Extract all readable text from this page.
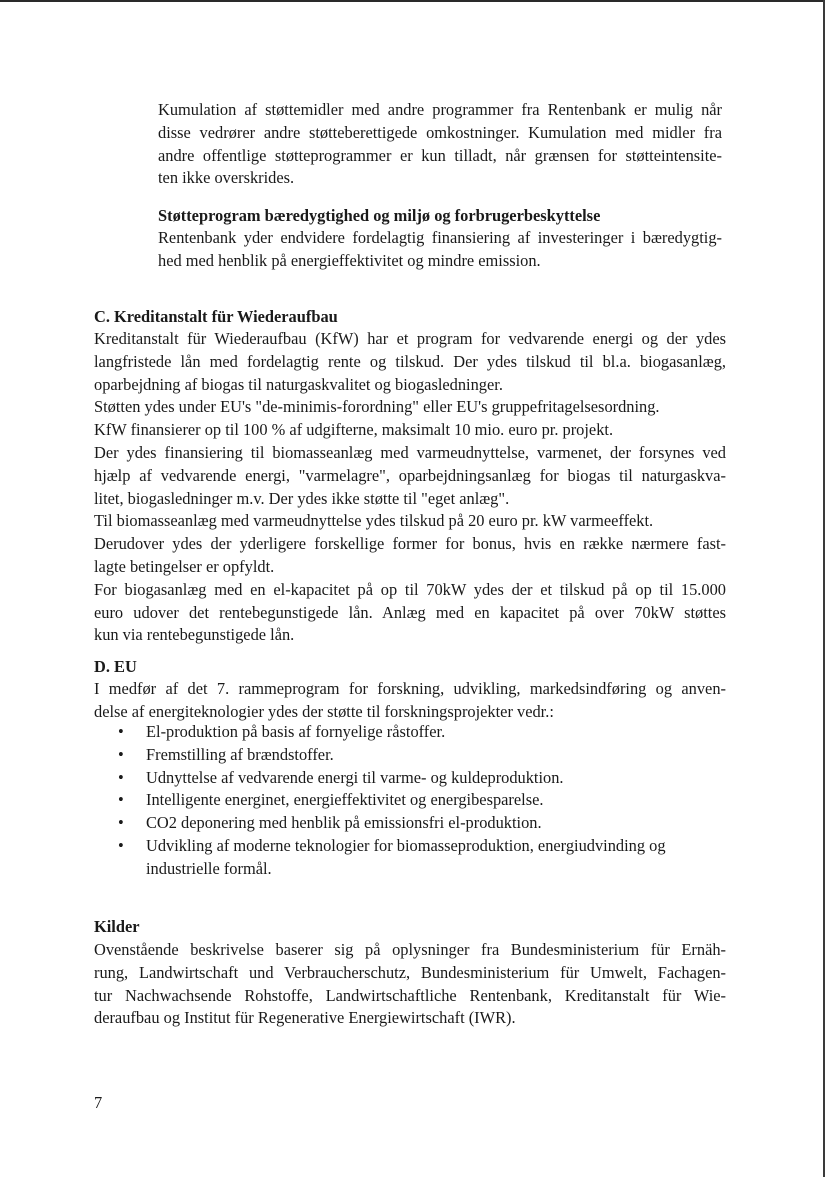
Kumulation af støttemidler med andre programmer fra Rentenbank er mulig når
disse vedrører andre støtteberettigede omkostninger. Kumulation med midler fra
andre offentlige støtteprogrammer er kun tilladt, når grænsen for støtteintensite-
ten ikke overskrides.
Støtteprogram bæredygtighed og miljø og forbrugerbeskyttelse
Rentenbank yder endvidere fordelagtig finansiering af investeringer i bæredygtig-
hed med henblik på energieffektivitet og mindre emission.
C. Kreditanstalt für Wiederaufbau
Kreditanstalt für Wiederaufbau (KfW) har et program for vedvarende energi og der ydes
langfristede lån med fordelagtig rente og tilskud. Der ydes tilskud til bl.a. biogasanlæg,
oparbejdning af biogas til naturgaskvalitet og biogasledninger.
Støtten ydes under EU's "de-minimis-forordning" eller EU's gruppefritagelsesordning.
KfW finansierer op til 100 % af udgifterne, maksimalt 10 mio. euro pr. projekt.
Der ydes finansiering til biomasseanlæg med varmeudnyttelse, varmenet, der forsynes ved
hjælp af vedvarende energi, "varmelagre", oparbejdningsanlæg for biogas til naturgaskva-
litet, biogasledninger m.v. Der ydes ikke støtte til "eget anlæg".
Til biomasseanlæg med varmeudnyttelse ydes tilskud på 20 euro pr. kW varmeeffekt.
Derudover ydes der yderligere forskellige former for bonus, hvis en række nærmere fast-
lagte betingelser er opfyldt.
For biogasanlæg med en el-kapacitet på op til 70kW ydes der et tilskud på op til 15.000
euro udover det rentebegunstigede lån. Anlæg med en kapacitet på over 70kW støttes
kun via rentebegunstigede lån.
D. EU
I medfør af det 7. rammeprogram for forskning, udvikling, markedsindføring og anven-
delse af energiteknologier ydes der støtte til forskningsprojekter vedr.:
• El-produktion på basis af fornyelige råstoffer.
• Fremstilling af brændstoffer.
• Udnyttelse af vedvarende energi til varme- og kuldeproduktion.
• Intelligente energinet, energieffektivitet og energibesparelse.
• CO2 deponering med henblik på emissionsfri el-produktion.
• Udvikling af moderne teknologier for biomasseproduktion, energiudvinding og industrielle formål.
Kilder
Ovenstående beskrivelse baserer sig på oplysninger fra Bundesministerium für Ernäh-
rung, Landwirtschaft und Verbraucherschutz, Bundesministerium für Umwelt, Fachagen-
tur Nachwachsende Rohstoffe, Landwirtschaftliche Rentenbank, Kreditanstalt für Wie-
deraufbau og Institut für Regenerative Energiewirtschaft (IWR).
7
